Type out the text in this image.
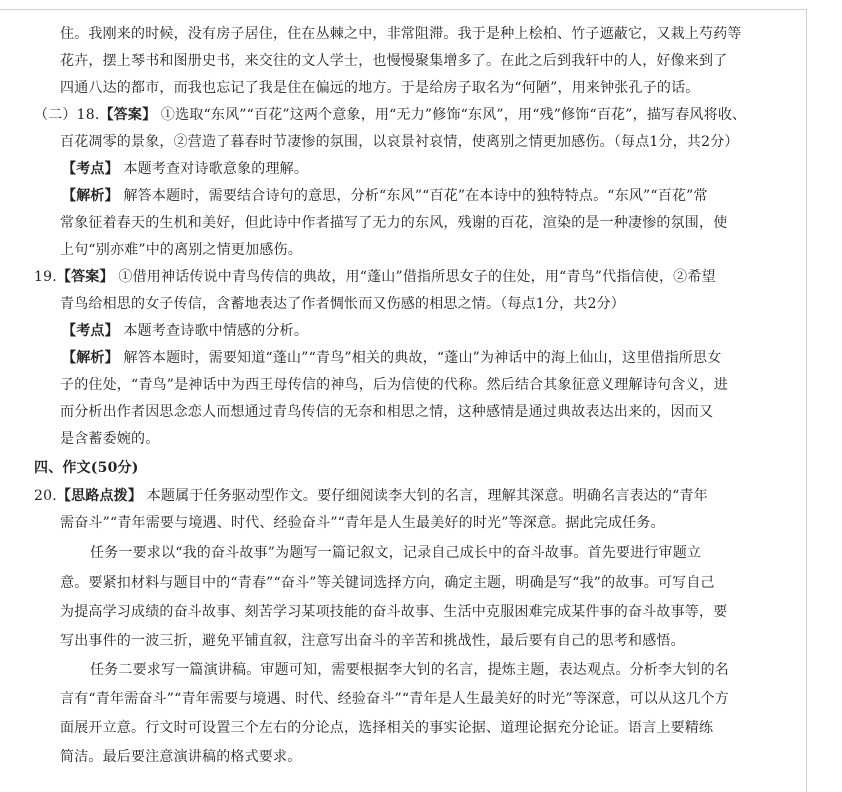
住。我刚来的时候，没有房子居住，住在丛棘之中，非常阻滞。我于是种上桧柏、竹子遮蔽它，又栽上芍药等
花卉，摆上琴书和图册史书，来交往的文人学士，也慢慢聚集增多了。在此之后到我轩中的人，好像来到了
四通八达的都市，而我也忘记了我是住在偏远的地方。于是给房子取名为“何陋”，用来钟张孔子的话。
（二）18.【答案】 ①选取“东风”“百花”这两个意象，用“无力”修饰“东风”，用“残”修饰“百花”，描写春风将收、
百花凋零的景象，②营造了暮春时节凄惨的氛围，以哀景衬哀情，使离别之情更加感伤。（每点1分，共2分）
【考点】 本题考查对诗歌意象的理解。
【解析】 解答本题时，需要结合诗句的意思，分析“东风”“百花”在本诗中的独特特点。“东风”“百花”常
常象征着春天的生机和美好，但此诗中作者描写了无力的东风，残谢的百花，渲染的是一种凄惨的氛围，使
上句“别亦难”中的离别之情更加感伤。
19.【答案】 ①借用神话传说中青鸟传信的典故，用“蓬山”借指所思女子的住处，用“青鸟”代指信使，②希望
青鸟给相思的女子传信，含蓄地表达了作者惆怅而又伤感的相思之情。（每点1分，共2分）
【考点】 本题考查诗歌中情感的分析。
【解析】 解答本题时，需要知道“蓬山”“青鸟”相关的典故，“蓬山”为神话中的海上仙山，这里借指所思女
子的住处，“青鸟”是神话中为西王母传信的神鸟，后为信使的代称。然后结合其象征意义理解诗句含义，进
而分析出作者因思念恋人而想通过青鸟传信的无奈和相思之情，这种感情是通过典故表达出来的，因而又
是含蓄委婉的。
四、作文(50分)
20.【思路点拨】 本题属于任务驱动型作文。要仔细阅读李大钊的名言，理解其深意。明确名言表达的“青年
需奋斗”“青年需要与境遇、时代、经验奋斗”“青年是人生最美好的时光”等深意。据此完成任务。
任务一要求以“我的奋斗故事”为题写一篇记叙文，记录自己成长中的奋斗故事。首先要进行审题立
意。要紧扣材料与题目中的“青春”“奋斗”等关键词选择方向，确定主题，明确是写“我”的故事。可写自己
为提高学习成绩的奋斗故事、刻苦学习某项技能的奋斗故事、生活中克服困难完成某件事的奋斗故事等，要
写出事件的一波三折，避免平铺直叙，注意写出奋斗的辛苦和挑战性，最后要有自己的思考和感悟。
任务二要求写一篇演讲稿。审题可知，需要根据李大钊的名言，提炼主题，表达观点。分析李大钊的名
言有“青年需奋斗”“青年需要与境遇、时代、经验奋斗”“青年是人生最美好的时光”等深意，可以从这几个方
面展开立意。行文时可设置三个左右的分论点，选择相关的事实论据、道理论据充分论证。语言上要精练
简洁。最后要注意演讲稿的格式要求。
